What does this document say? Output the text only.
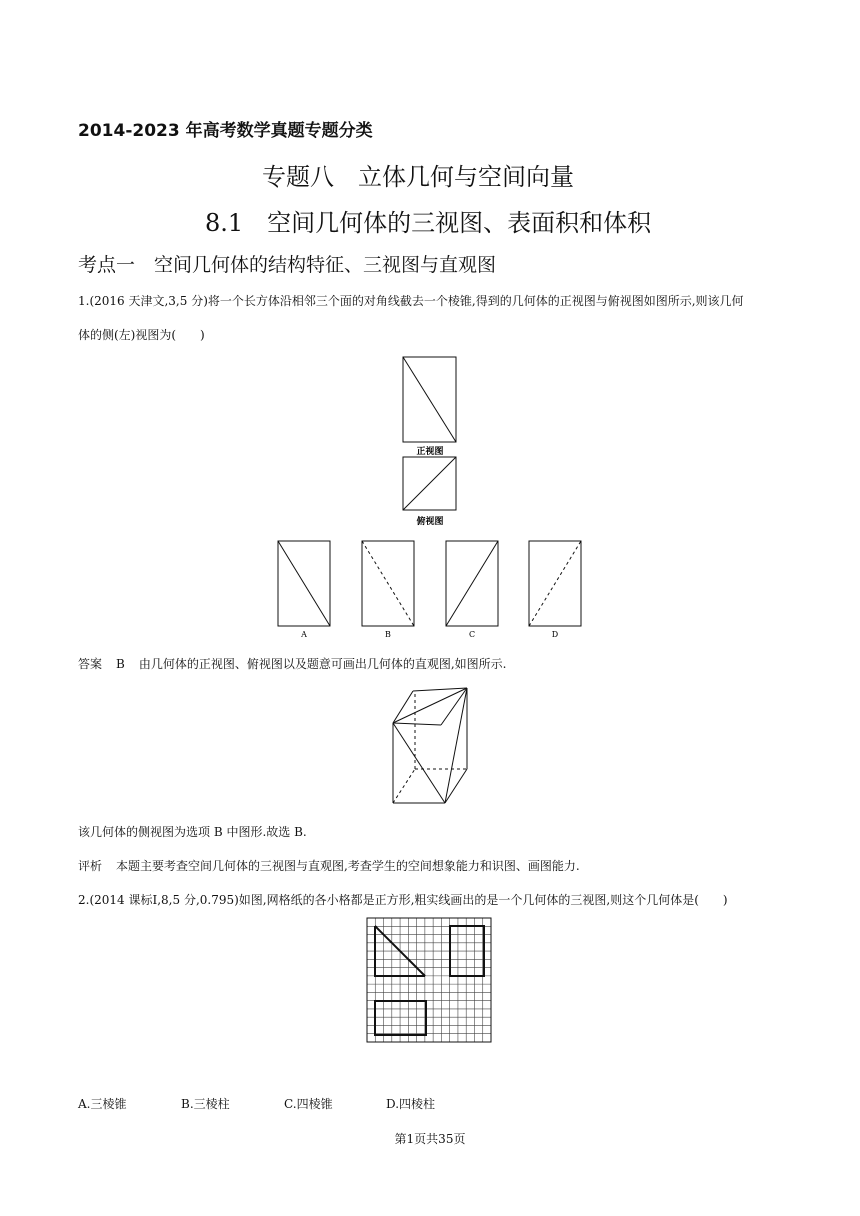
2014-2023 年高考数学真题专题分类
专题八　立体几何与空间向量
8.1　空间几何体的三视图、表面积和体积
考点一　空间几何体的结构特征、三视图与直观图
1.(2016 天津文,3,5 分)将一个长方体沿相邻三个面的对角线截去一个棱锥,得到的几何体的正视图与俯视图如图所示,则该几何
体的侧(左)视图为(　　)
正视图
俯视图
A	B	C	D
答案 B 由几何体的正视图、俯视图以及题意可画出几何体的直观图,如图所示.
该几何体的侧视图为选项 B 中图形.故选 B.
评析 本题主要考查空间几何体的三视图与直观图,考查学生的空间想象能力和识图、画图能力.
2.(2014 课标Ⅰ,8,5 分,0.795)如图,网格纸的各小格都是正方形,粗实线画出的是一个几何体的三视图,则这个几何体是(　　)
A.三棱锥	B.三棱柱	C.四棱锥	D.四棱柱
第1页共35页
